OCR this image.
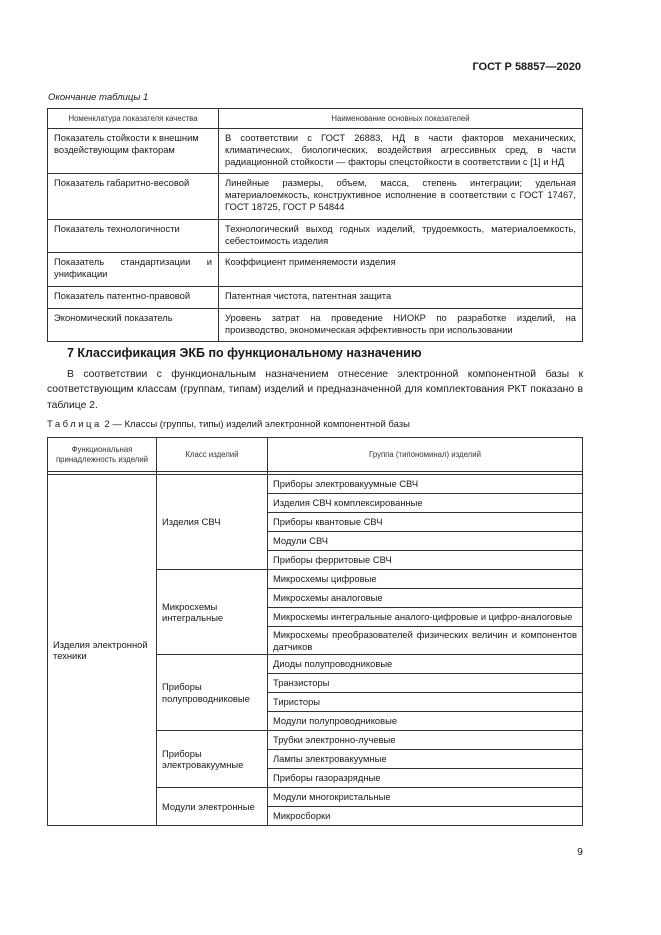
ГОСТ Р 58857—2020
Окончание таблицы 1
Номенклатура показателя качества	Наименование основных показателей
Показатель стойкости к внешним воздействующим факторам	В соответствии с ГОСТ 26883, НД в части факторов механических, климатических, биологических, воздействия агрессивных сред, в части радиационной стойкости — факторы спецстойкости в соответствии с [1] и НД
Показатель габаритно-весовой	Линейные размеры, объем, масса, степень интеграции; удельная материалоемкость, конструктивное исполнение в соответствии с ГОСТ 17467, ГОСТ 18725, ГОСТ Р 54844
Показатель технологичности	Технологический выход годных изделий, трудоемкость, материалоемкость, себестоимость изделия
Показатель стандартизации и унификации	Коэффициент применяемости изделия
Показатель патентно-правовой	Патентная чистота, патентная защита
Экономический показатель	Уровень затрат на проведение НИОКР по разработке изделий, на производство, экономическая эффективность при использовании
7 Классификация ЭКБ по функциональному назначению

В соответствии с функциональным назначением отнесение электронной компонентной базы к соответствующим классам (группам, типам) изделий и предназначенной для комплектования РКТ показано в таблице 2.

Таблица 2 — Классы (группы, типы) изделий электронной компонентной базы
Функциональная принадлежность изделий	Класс изделий	Группа (типономинал) изделий

Изделия электронной техники	Изделия СВЧ	Приборы электровакуумные СВЧ
		Изделия СВЧ комплексированные
		Приборы квантовые СВЧ
		Модули СВЧ
		Приборы ферритовые СВЧ
	Микросхемы интегральные	Микросхемы цифровые
		Микросхемы аналоговые
		Микросхемы интегральные аналого-цифровые и цифро-аналоговые
		Микросхемы преобразователей физических величин и компонентов датчиков
	Приборы полупроводниковые	Диоды полупроводниковые
		Транзисторы
		Тиристоры
		Модули полупроводниковые
	Приборы электровакуумные	Трубки электронно-лучевые
		Лампы электровакуумные
		Приборы газоразрядные
	Модули электронные	Модули многокристальные
		Микросборки
9
